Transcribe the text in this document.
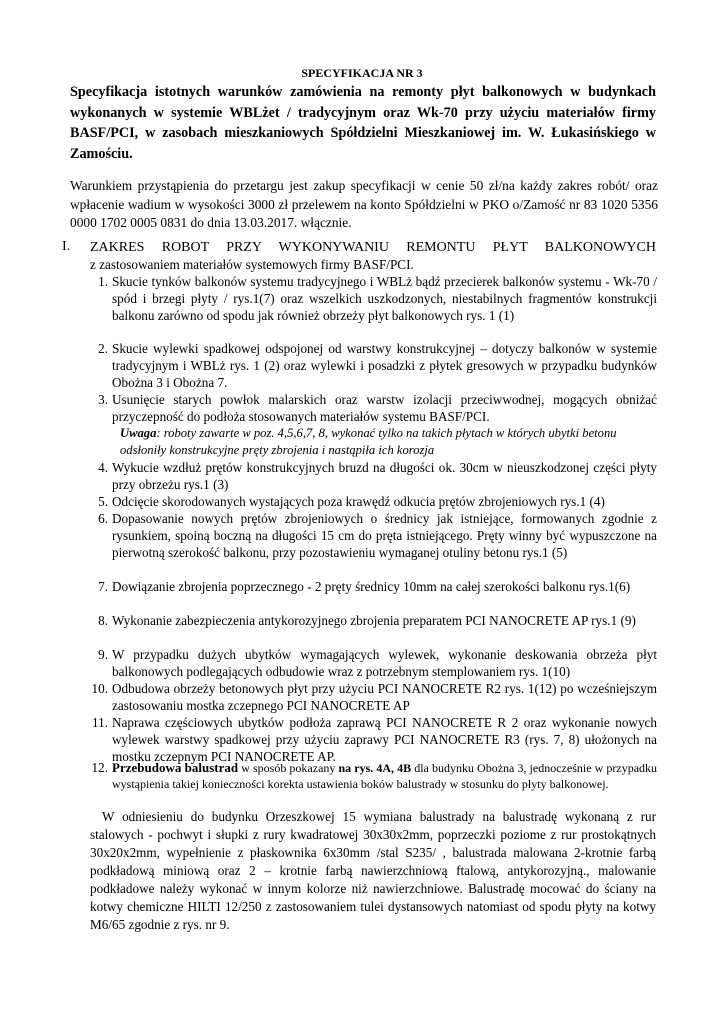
SPECYFIKACJA NR 3

Specyfikacja istotnych warunków zamówienia na remonty płyt balkonowych w budynkach wykonanych w systemie WBLżet / tradycyjnym oraz Wk-70 przy użyciu materiałów firmy BASF/PCI, w zasobach mieszkaniowych Spółdzielni Mieszkaniowej im. W. Łukasińskiego w Zamościu.

Warunkiem przystąpienia do przetargu jest zakup specyfikacji w cenie 50 zł/na każdy zakres robót/ oraz wpłacenie wadium w wysokości 3000 zł przelewem na konto Spółdzielni w PKO o/Zamość nr 83 1020 5356 0000 1702 0005 0831 do dnia 13.03.2017. włącznie.

I. ZAKRES ROBOT PRZY WYKONYWANIU REMONTU PŁYT BALKONOWYCH

z zastosowaniem materiałów systemowych firmy BASF/PCI.

1. Skucie tynków balkonów systemu tradycyjnego i WBLż bądź przecierek balkonów systemu - Wk-70 / spód i brzegi płyty / rys.1(7) oraz wszelkich uszkodzonych, niestabilnych fragmentów konstrukcji balkonu zarówno od spodu jak również obrzeży płyt balkonowych rys. 1 (1)
2. Skucie wylewki spadkowej odspojonej od warstwy konstrukcyjnej – dotyczy balkonów w systemie tradycyjnym i WBLż rys. 1 (2) oraz wylewki i posadzki z płytek gresowych w przypadku budynków Obożna 3 i Obożna 7.
3. Usunięcie starych powłok malarskich oraz warstw izolacji przeciwwodnej, mogących obniżać przyczepność do podłoża stosowanych materiałów systemu BASF/PCI.

Uwaga: roboty zawarte w poz. 4,5,6,7, 8, wykonać tylko na takich płytach w których ubytki betonu odsłoniły konstrukcyjne pręty zbrojenia i nastąpiła ich korozja

4. Wykucie wzdłuż prętów konstrukcyjnych bruzd na długości ok. 30cm w nieuszkodzonej części płyty przy obrzeżu rys.1 (3)
5. Odcięcie skorodowanych wystających poza krawędź odkucia prętów zbrojeniowych rys.1 (4)
6. Dopasowanie nowych prętów zbrojeniowych o średnicy jak istniejące, formowanych zgodnie z rysunkiem, spoiną boczną na długości 15 cm do pręta istniejącego. Pręty winny być wypuszczone na pierwotną szerokość balkonu, przy pozostawieniu wymaganej otuliny betonu rys.1 (5)
7. Dowiązanie zbrojenia poprzecznego - 2 pręty średnicy 10mm na całej szerokości balkonu rys.1(6)
8. Wykonanie zabezpieczenia antykorozyjnego zbrojenia preparatem PCI NANOCRETE AP rys.1 (9)
9. W przypadku dużych ubytków wymagających wylewek, wykonanie deskowania obrzeża płyt balkonowych podlegających odbudowie wraz z potrzebnym stemplowaniem rys. 1(10)
10. Odbudowa obrzeży betonowych płyt przy użyciu PCI NANOCRETE R2 rys. 1(12) po wcześniejszym zastosowaniu mostka zczepnego PCI NANOCRETE AP
11. Naprawa częściowych ubytków podłoża zaprawą PCI NANOCRETE R 2 oraz wykonanie nowych wylewek warstwy spadkowej przy użyciu zaprawy PCI NANOCRETE R3 (rys. 7, 8) ułożonych na mostku zczepnym PCI NANOCRETE AP.
12. Przebudowa balustrad w sposób pokazany na rys. 4A, 4B dla budynku Obożna 3, jednocześnie w przypadku wystąpienia takiej konieczności korekta ustawienia boków balustrady w stosunku do płyty balkonowej.

W odniesieniu do budynku Orzeszkowej 15 wymiana balustrady na balustradę wykonaną z rur stalowych - pochwyt i słupki z rury kwadratowej 30x30x2mm, poprzeczki poziome z rur prostokątnych 30x20x2mm, wypełnienie z płaskownika 6x30mm /stal S235/ , balustrada malowana 2-krotnie farbą podkładową miniową oraz 2 – krotnie farbą nawierzchniową ftalową, antykorozyjną., malowanie podkładowe należy wykonać w innym kolorze niż nawierzchniowe. Balustradę mocować do ściany na kotwy chemiczne HILTI 12/250 z zastosowaniem tulei dystansowych natomiast od spodu płyty na kotwy M6/65 zgodnie z rys. nr 9.
